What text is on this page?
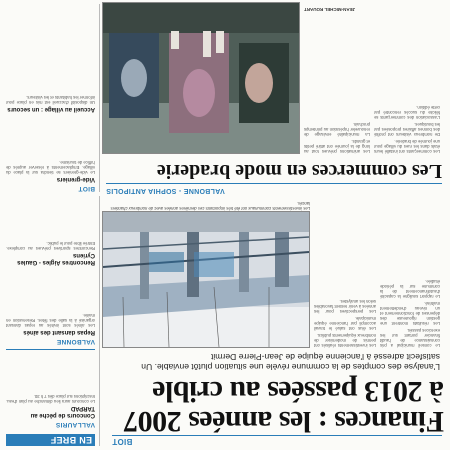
BIOT
Finances : les années 2007 à 2013 passées au crible
L'analyse des comptes de la commune révèle une situation plutôt enviable. Un satisfecit adressé à l'ancienne équipe de Jean-Pierre Dermit
Les investissements communaux ont été très importants ces dernières années avec de nombreux chantiers lancés.

Le conseil municipal a pris connaissance de l'audit financier portant sur les exercices passés.

Les résultats montrent une gestion rigoureuse des dépenses de fonctionnement et un niveau d'endettement maîtrisé.

Le rapport souligne la capacité d'autofinancement de la commune sur la période étudiée.

Les investissements réalisés ont permis de moderniser de nombreux équipements publics.

Les élus ont salué le travail accompli par l'ancienne équipe municipale.

Les perspectives pour les années à venir restent favorables selon les analystes.

EN BREF
VALLAURIS
Concours de pêche au TARPAD

Le concours aura lieu dimanche au plan d'eau. Inscriptions sur place dès 7 h 30.

VALBONNE
Repas dansant des aînés

Les aînés sont invités au repas dansant organisé à la salle des fêtes. Réservation en mairie.

Rencontres Aigles - Gaules Cyriens

Rencontres sportives prévues au complexe. Entrée libre pour le public.

VALBONNE - SOPHIA ANTIPOLIS
Les commerces en mode braderie

Les commerçants ont installé leurs étals dans les rues du village pour une journée de braderie.

De nombreux visiteurs ont profité des bonnes affaires proposées par les boutiques.

L'association des commerçants se félicite du succès rencontré par cette édition.

Les animations prévues tout au long de la journée ont attiré petits et grands.

La municipalité envisage de renouveler l'opération au printemps prochain.

JEAN-MICHEL ROUART
BIOT
Vide-greniers

Le vide-greniers se tiendra sur la place du village. Emplacements à réserver auprès de l'office de tourisme.

Accueil au village : un secours

Un dispositif d'accueil est mis en place pour informer les habitants et les visiteurs.
